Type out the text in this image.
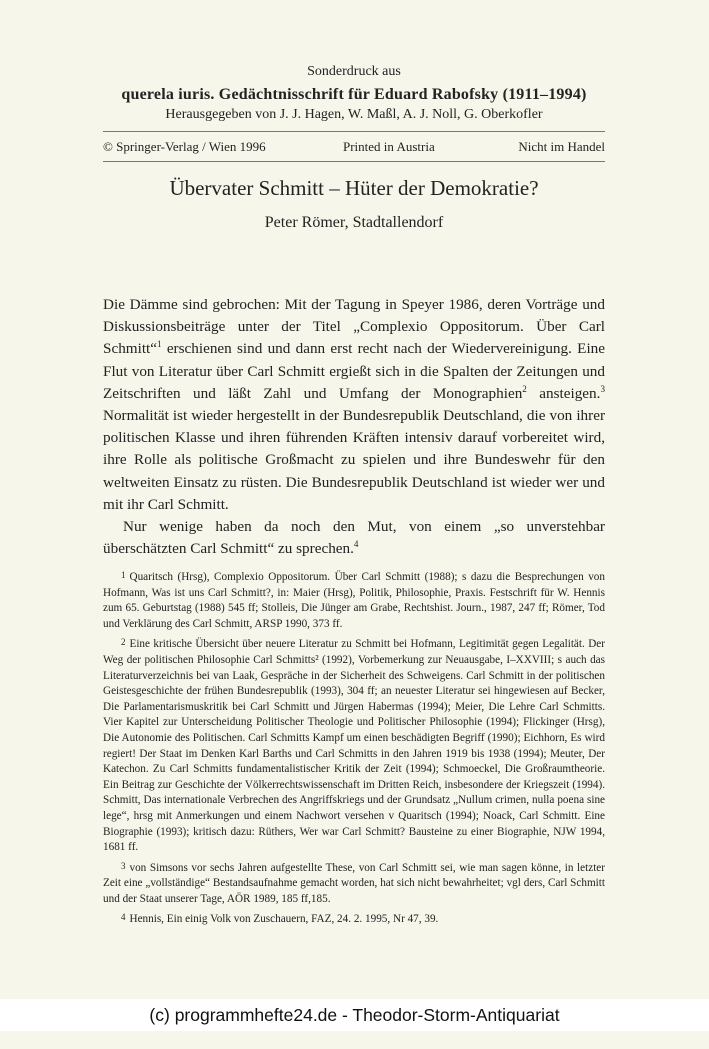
Sonderdruck aus
querela iuris. Gedächtnisschrift für Eduard Rabofsky (1911–1994)
Herausgegeben von J. J. Hagen, W. Maßl, A. J. Noll, G. Oberkofler
© Springer-Verlag / Wien 1996	Printed in Austria	Nicht im Handel
Übervater Schmitt – Hüter der Demokratie?
Peter Römer, Stadtallendorf

Die Dämme sind gebrochen: Mit der Tagung in Speyer 1986, deren Vorträge und Diskussionsbeiträge unter der Titel „Complexio Oppositorum. Über Carl Schmitt“$^1$ erschienen sind und dann erst recht nach der Wiedervereinigung. Eine Flut von Literatur über Carl Schmitt ergießt sich in die Spalten der Zeitungen und Zeitschriften und läßt Zahl und Umfang der Monographien$^2$ ansteigen.$^3$ Normalität ist wieder hergestellt in der Bundesrepublik Deutschland, die von ihrer politischen Klasse und ihren führenden Kräften intensiv darauf vorbereitet wird, ihre Rolle als politische Großmacht zu spielen und ihre Bundeswehr für den weltweiten Einsatz zu rüsten. Die Bundesrepublik Deutschland ist wieder wer und mit ihr Carl Schmitt.

Nur wenige haben da noch den Mut, von einem „so unverstehbar überschätzten Carl Schmitt“ zu sprechen.$^4$

1 Quaritsch (Hrsg), Complexio Oppositorum. Über Carl Schmitt (1988); s dazu die Besprechungen von Hofmann, Was ist uns Carl Schmitt?, in: Maier (Hrsg), Politik, Philosophie, Praxis. Festschrift für W. Hennis zum 65. Geburtstag (1988) 545 ff; Stolleis, Die Jünger am Grabe, Rechtshist. Journ., 1987, 247 ff; Römer, Tod und Verklärung des Carl Schmitt, ARSP 1990, 373 ff.

2 Eine kritische Übersicht über neuere Literatur zu Schmitt bei Hofmann, Legitimität gegen Legalität. Der Weg der politischen Philosophie Carl Schmitts² (1992), Vorbemerkung zur Neuausgabe, I–XXVIII; s auch das Literaturverzeichnis bei van Laak, Gespräche in der Sicherheit des Schweigens. Carl Schmitt in der politischen Geistesgeschichte der frühen Bundesrepublik (1993), 304 ff; an neuester Literatur sei hingewiesen auf Becker, Die Parlamentarismuskritik bei Carl Schmitt und Jürgen Habermas (1994); Meier, Die Lehre Carl Schmitts. Vier Kapitel zur Unterscheidung Politischer Theologie und Politischer Philosophie (1994); Flickinger (Hrsg), Die Autonomie des Politischen. Carl Schmitts Kampf um einen beschädigten Begriff (1990); Eichhorn, Es wird regiert! Der Staat im Denken Karl Barths und Carl Schmitts in den Jahren 1919 bis 1938 (1994); Meuter, Der Katechon. Zu Carl Schmitts fundamentalistischer Kritik der Zeit (1994); Schmoeckel, Die Großraumtheorie. Ein Beitrag zur Geschichte der Völkerrechtswissenschaft im Dritten Reich, insbesondere der Kriegszeit (1994). Schmitt, Das internationale Verbrechen des Angriffskriegs und der Grundsatz „Nullum crimen, nulla poena sine lege“, hrsg mit Anmerkungen und einem Nachwort versehen v Quaritsch (1994); Noack, Carl Schmitt. Eine Biographie (1993); kritisch dazu: Rüthers, Wer war Carl Schmitt? Bausteine zu einer Biographie, NJW 1994, 1681 ff.

3 von Simsons vor sechs Jahren aufgestellte These, von Carl Schmitt sei, wie man sagen könne, in letzter Zeit eine „vollständige“ Bestandsaufnahme gemacht worden, hat sich nicht bewahrheitet; vgl ders, Carl Schmitt und der Staat unserer Tage, AÖR 1989, 185 ff,185.

4 Hennis, Ein einig Volk von Zuschauern, FAZ, 24. 2. 1995, Nr 47, 39.

(c) programmhefte24.de - Theodor-Storm-Antiquariat
